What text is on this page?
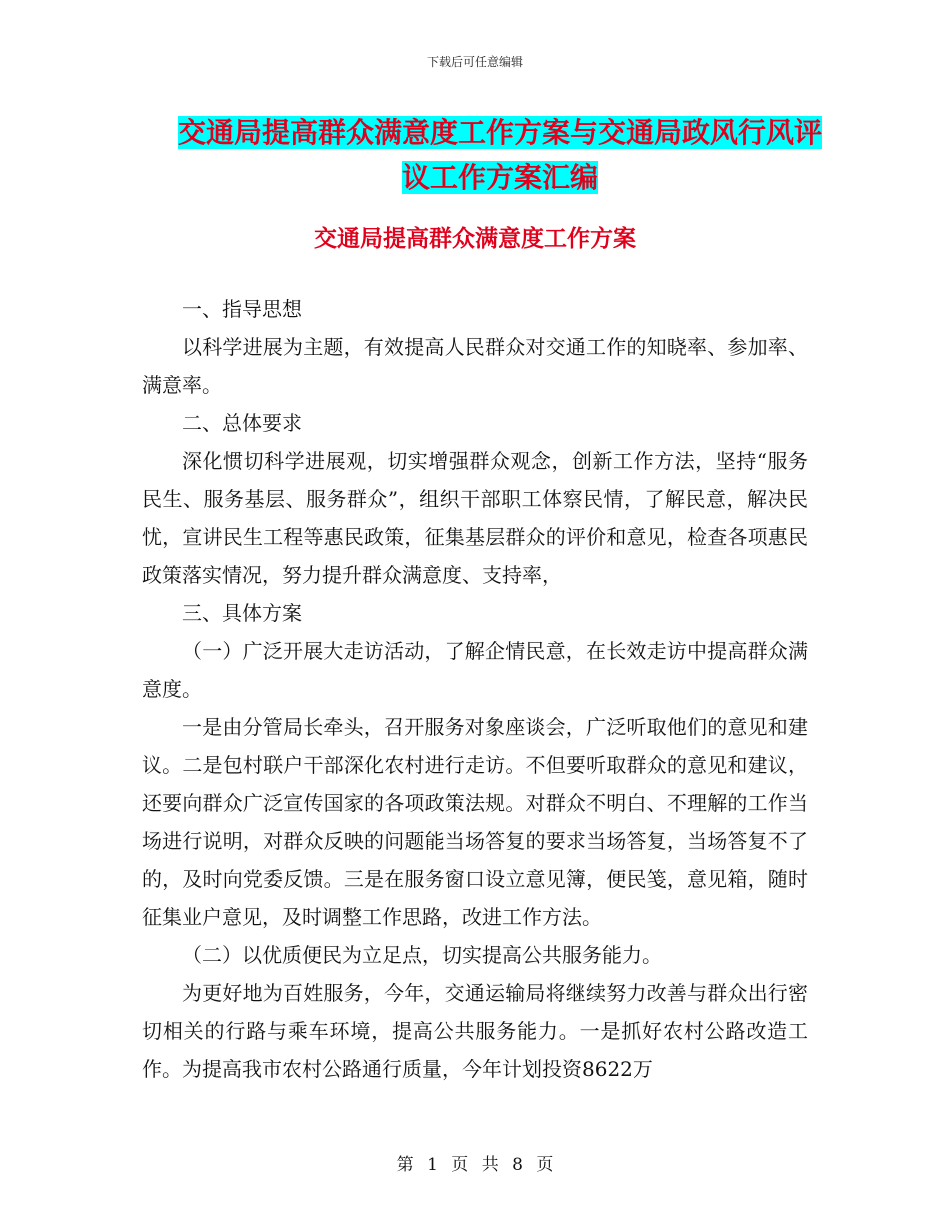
下载后可任意编辑
交通局提高群众满意度工作方案与交通局政风行风评
议工作方案汇编
交通局提高群众满意度工作方案

一、指导思想

以科学进展为主题，有效提高人民群众对交通工作的知晓率、参加率、满意率。

二、总体要求

深化惯切科学进展观，切实增强群众观念，创新工作方法，坚持“服务民生、服务基层、服务群众”，组织干部职工体察民情，了解民意，解决民忧，宣讲民生工程等惠民政策，征集基层群众的评价和意见，检查各项惠民政策落实情况，努力提升群众满意度、支持率，

三、具体方案

（一）广泛开展大走访活动，了解企情民意，在长效走访中提高群众满意度。

一是由分管局长牵头，召开服务对象座谈会，广泛听取他们的意见和建议。二是包村联户干部深化农村进行走访。不但要听取群众的意见和建议，还要向群众广泛宣传国家的各项政策法规。对群众不明白、不理解的工作当场进行说明，对群众反映的问题能当场答复的要求当场答复，当场答复不了的，及时向党委反馈。三是在服务窗口设立意见簿，便民笺，意见箱，随时征集业户意见，及时调整工作思路，改进工作方法。

（二）以优质便民为立足点，切实提高公共服务能力。

为更好地为百姓服务，今年，交通运输局将继续努力改善与群众出行密切相关的行路与乘车环境，提高公共服务能力。一是抓好农村公路改造工作。为提高我市农村公路通行质量，今年计划投资8622万

第 1 页 共 8 页
